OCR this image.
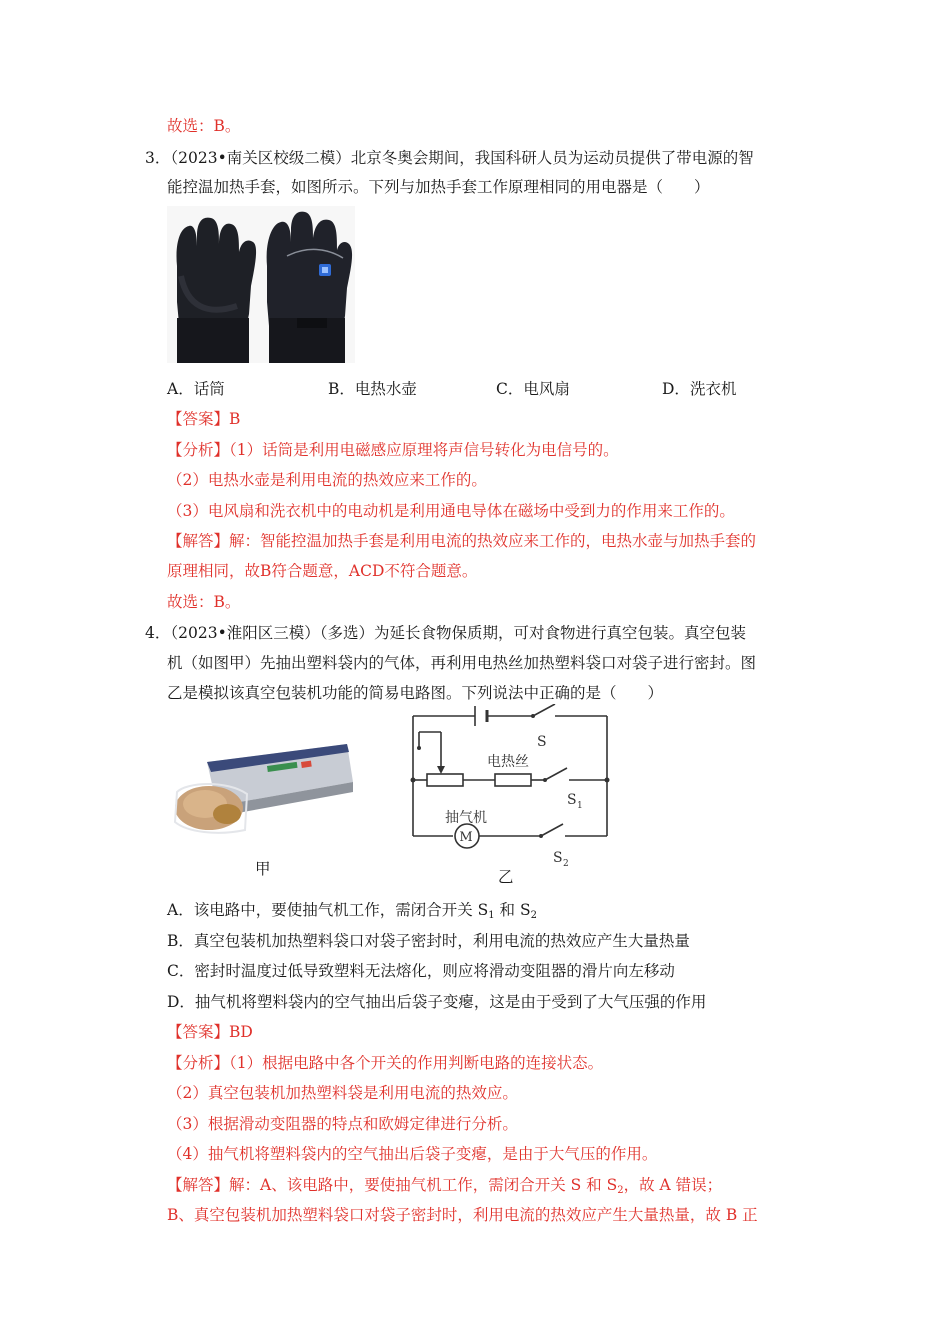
故选：B。
3．（2023•南关区校级二模）北京冬奥会期间，我国科研人员为运动员提供了带电源的智
能控温加热手套，如图所示。下列与加热手套工作原理相同的用电器是（　　）
A．话筒	B．电热水壶	C．电风扇	D．洗衣机
【答案】B
【分析】（1）话筒是利用电磁感应原理将声信号转化为电信号的。
（2）电热水壶是利用电流的热效应来工作的。
（3）电风扇和洗衣机中的电动机是利用通电导体在磁场中受到力的作用来工作的。
【解答】解：智能控温加热手套是利用电流的热效应来工作的，电热水壶与加热手套的
原理相同，故B符合题意，ACD不符合题意。
故选：B。
4．（2023•淮阳区三模）（多选）为延长食物保质期，可对食物进行真空包装。真空包装
机（如图甲）先抽出塑料袋内的气体，再利用电热丝加热塑料袋口对袋子进行密封。图
乙是模拟该真空包装机功能的简易电路图。下列说法中正确的是（　　）
甲
M
电热丝
抽气机
S
S 1
S 2
乙
A．该电路中，要使抽气机工作，需闭合开关 $S_1$ 和 $S_2$
B．真空包装机加热塑料袋口对袋子密封时，利用电流的热效应产生大量热量
C．密封时温度过低导致塑料无法熔化，则应将滑动变阻器的滑片向左移动
D．抽气机将塑料袋内的空气抽出后袋子变瘪，这是由于受到了大气压强的作用
【答案】BD
【分析】（1）根据电路中各个开关的作用判断电路的连接状态。
（2）真空包装机加热塑料袋是利用电流的热效应。
（3）根据滑动变阻器的特点和欧姆定律进行分析。
（4）抽气机将塑料袋内的空气抽出后袋子变瘪，是由于大气压的作用。
【解答】解：A、该电路中，要使抽气机工作，需闭合开关 S 和 $S_2$，故 A 错误；
B、真空包装机加热塑料袋口对袋子密封时，利用电流的热效应产生大量热量，故 B 正
